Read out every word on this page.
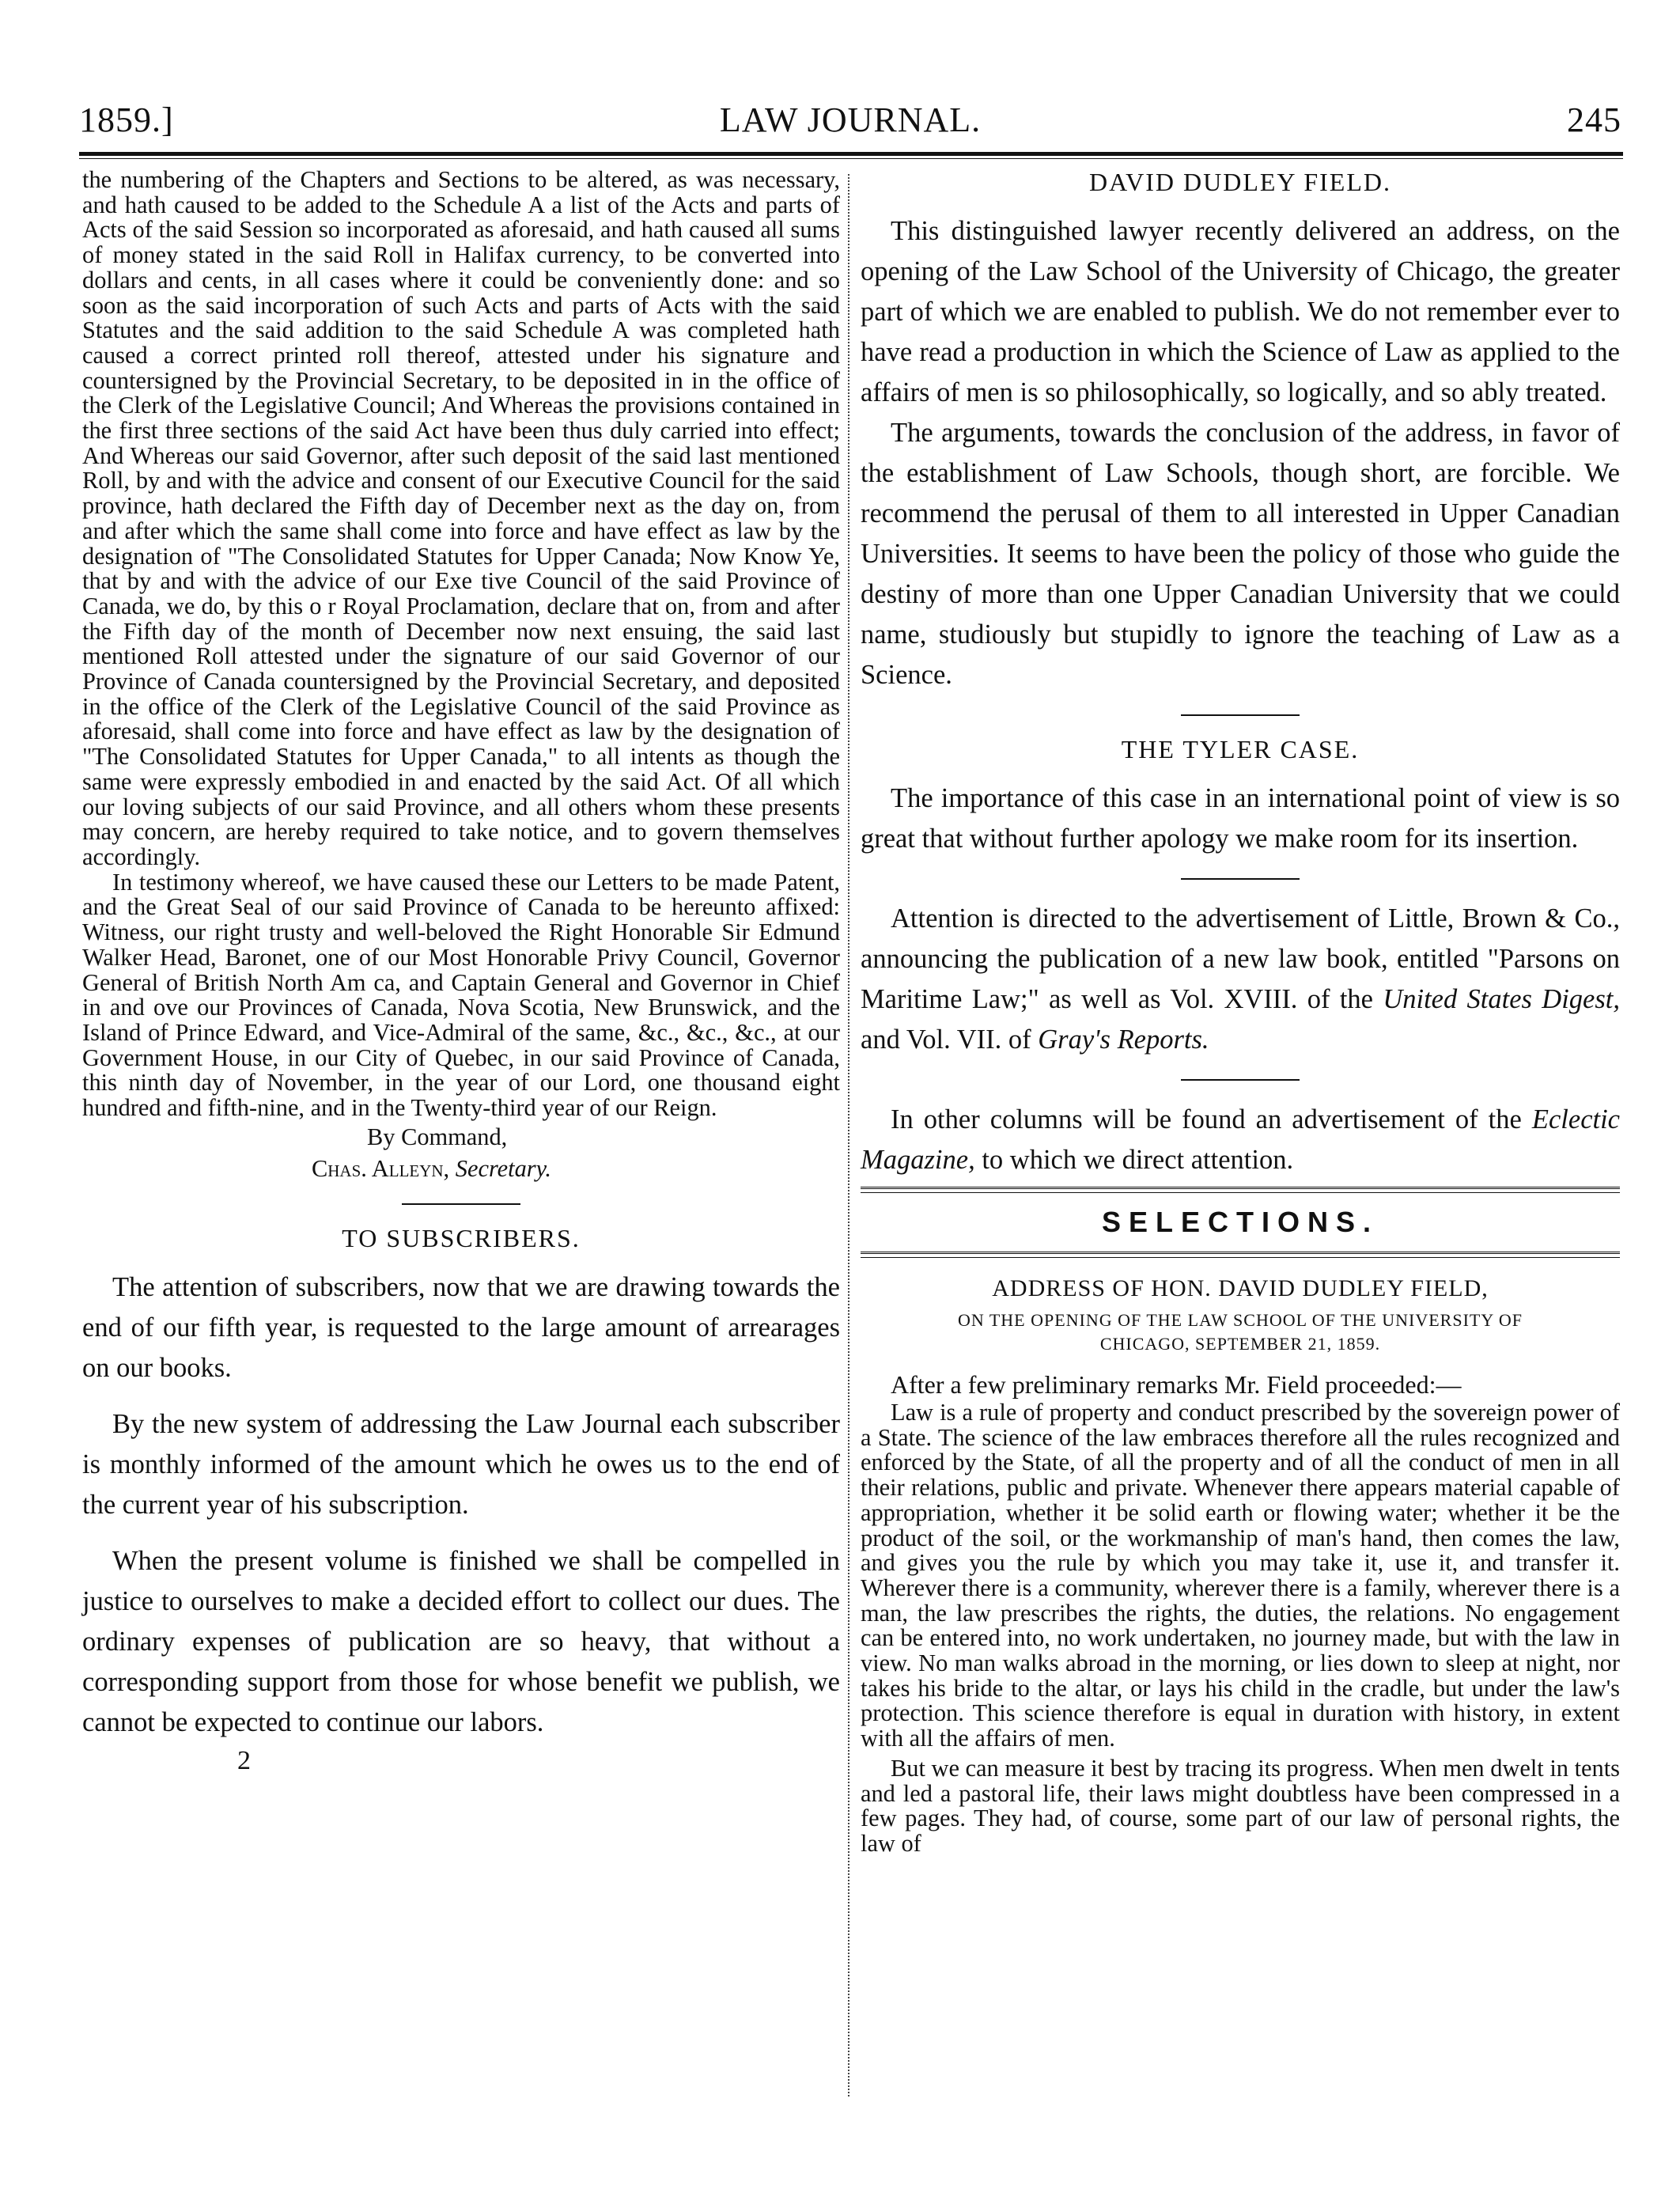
1859.]	LAW JOURNAL.	245

the numbering of the Chapters and Sections to be altered, as was necessary, and hath caused to be added to the Schedule A a list of the Acts and parts of Acts of the said Session so incorporated as aforesaid, and hath caused all sums of money stated in the said Roll in Halifax currency, to be converted into dollars and cents, in all cases where it could be conveniently done: and so soon as the said incorporation of such Acts and parts of Acts with the said Statutes and the said addition to the said Schedule A was completed hath caused a correct printed roll thereof, attested under his signature and countersigned by the Provincial Secretary, to be deposited in in the office of the Clerk of the Legislative Council; And Whereas the provisions contained in the first three sections of the said Act have been thus duly carried into effect; And Whereas our said Governor, after such deposit of the said last mentioned Roll, by and with the advice and consent of our Executive Council for the said province, hath declared the Fifth day of December next as the day on, from and after which the same shall come into force and have effect as law by the designation of "The Consolidated Statutes for Upper Canada; Now Know Ye, that by and with the advice of our Exe tive Council of the said Province of Canada, we do, by this o r Royal Proclamation, declare that on, from and after the Fifth day of the month of December now next ensuing, the said last mentioned Roll attested under the signature of our said Governor of our Province of Canada countersigned by the Provincial Secretary, and deposited in the office of the Clerk of the Legislative Council of the said Province as aforesaid, shall come into force and have effect as law by the designation of "The Consolidated Statutes for Upper Canada," to all intents as though the same were expressly embodied in and enacted by the said Act. Of all which our loving subjects of our said Province, and all others whom these presents may concern, are hereby required to take notice, and to govern themselves accordingly.

In testimony whereof, we have caused these our Letters to be made Patent, and the Great Seal of our said Province of Canada to be hereunto affixed: Witness, our right trusty and well-beloved the Right Honorable Sir Edmund Walker Head, Baronet, one of our Most Honorable Privy Council, Governor General of British North Am ca, and Captain General and Governor in Chief in and ove our Provinces of Canada, Nova Scotia, New Brunswick, and the Island of Prince Edward, and Vice-Admiral of the same, &c., &c., &c., at our Government House, in our City of Quebec, in our said Province of Canada, this ninth day of November, in the year of our Lord, one thousand eight hundred and fifth-nine, and in the Twenty-third year of our Reign.

By Command,
Chas. Alleyn, Secretary.
TO SUBSCRIBERS.

The attention of subscribers, now that we are drawing towards the end of our fifth year, is requested to the large amount of arrearages on our books.

By the new system of addressing the Law Journal each subscriber is monthly informed of the amount which he owes us to the end of the current year of his subscription.

When the present volume is finished we shall be compelled in justice to ourselves to make a decided effort to collect our dues. The ordinary expenses of publication are so heavy, that without a corresponding support from those for whose benefit we publish, we cannot be expected to continue our labors.

2
DAVID DUDLEY FIELD.

This distinguished lawyer recently delivered an address, on the opening of the Law School of the University of Chicago, the greater part of which we are enabled to publish. We do not remember ever to have read a production in which the Science of Law as applied to the affairs of men is so philosophically, so logically, and so ably treated.

The arguments, towards the conclusion of the address, in favor of the establishment of Law Schools, though short, are forcible. We recommend the perusal of them to all interested in Upper Canadian Universities. It seems to have been the policy of those who guide the destiny of more than one Upper Canadian University that we could name, studiously but stupidly to ignore the teaching of Law as a Science.

THE TYLER CASE.

The importance of this case in an international point of view is so great that without further apology we make room for its insertion.

Attention is directed to the advertisement of Little, Brown & Co., announcing the publication of a new law book, entitled "Parsons on Maritime Law;" as well as Vol. XVIII. of the United States Digest, and Vol. VII. of Gray's Reports.

In other columns will be found an advertisement of the Eclectic Magazine, to which we direct attention.

SELECTIONS.
ADDRESS OF HON. DAVID DUDLEY FIELD,
ON THE OPENING OF THE LAW SCHOOL OF THE UNIVERSITY OF
CHICAGO, SEPTEMBER 21, 1859.

After a few preliminary remarks Mr. Field proceeded:—

Law is a rule of property and conduct prescribed by the sovereign power of a State. The science of the law embraces therefore all the rules recognized and enforced by the State, of all the property and of all the conduct of men in all their relations, public and private. Whenever there appears material capable of appropriation, whether it be solid earth or flowing water; whether it be the product of the soil, or the workmanship of man's hand, then comes the law, and gives you the rule by which you may take it, use it, and transfer it. Wherever there is a community, wherever there is a family, wherever there is a man, the law prescribes the rights, the duties, the relations. No engagement can be entered into, no work undertaken, no journey made, but with the law in view. No man walks abroad in the morning, or lies down to sleep at night, nor takes his bride to the altar, or lays his child in the cradle, but under the law's protection. This science therefore is equal in duration with history, in extent with all the affairs of men.

But we can measure it best by tracing its progress. When men dwelt in tents and led a pastoral life, their laws might doubtless have been compressed in a few pages. They had, of course, some part of our law of personal rights, the law of
